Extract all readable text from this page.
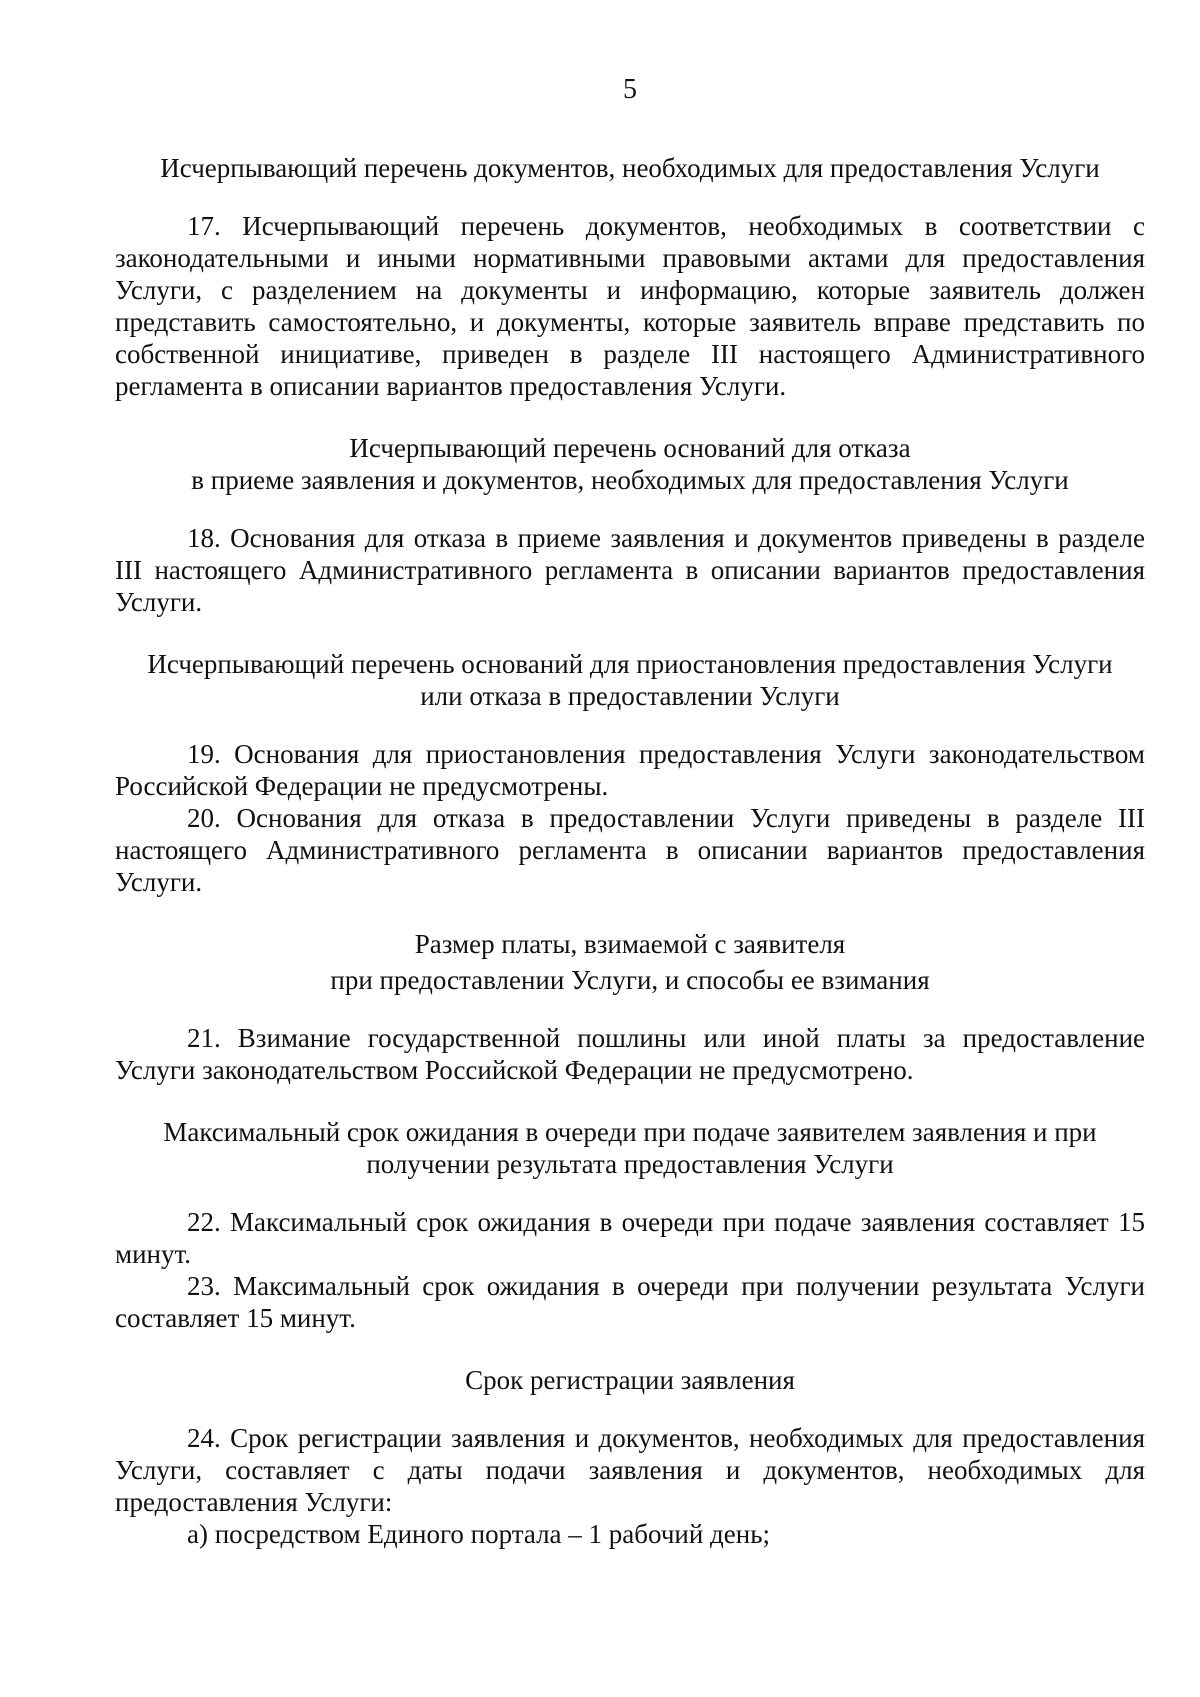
5

Исчерпывающий перечень документов, необходимых для предоставления Услуги

17. Исчерпывающий перечень документов, необходимых в соответствии с законодательными и иными нормативными правовыми актами для предоставления Услуги, с разделением на документы и информацию, которые заявитель должен представить самостоятельно, и документы, которые заявитель вправе представить по собственной инициативе, приведен в разделе III настоящего Административного регламента в описании вариантов предоставления Услуги.

Исчерпывающий перечень оснований для отказа
в приеме заявления и документов, необходимых для предоставления Услуги

18. Основания для отказа в приеме заявления и документов приведены в разделе III настоящего Административного регламента в описании вариантов предоставления Услуги.

Исчерпывающий перечень оснований для приостановления предоставления Услуги
или отказа в предоставлении Услуги

19. Основания для приостановления предоставления Услуги законодательством Российской Федерации не предусмотрены.

20. Основания для отказа в предоставлении Услуги приведены в разделе III настоящего Административного регламента в описании вариантов предоставления Услуги.

Размер платы, взимаемой с заявителя
при предоставлении Услуги, и способы ее взимания

21. Взимание государственной пошлины или иной платы за предоставление Услуги законодательством Российской Федерации не предусмотрено.

Максимальный срок ожидания в очереди при подаче заявителем заявления и при
получении результата предоставления Услуги

22. Максимальный срок ожидания в очереди при подаче заявления составляет 15 минут.

23. Максимальный срок ожидания в очереди при получении результата Услуги составляет 15 минут.

Срок регистрации заявления

24. Срок регистрации заявления и документов, необходимых для предоставления Услуги, составляет с даты подачи заявления и документов, необходимых для предоставления Услуги:

а) посредством Единого портала – 1 рабочий день;
